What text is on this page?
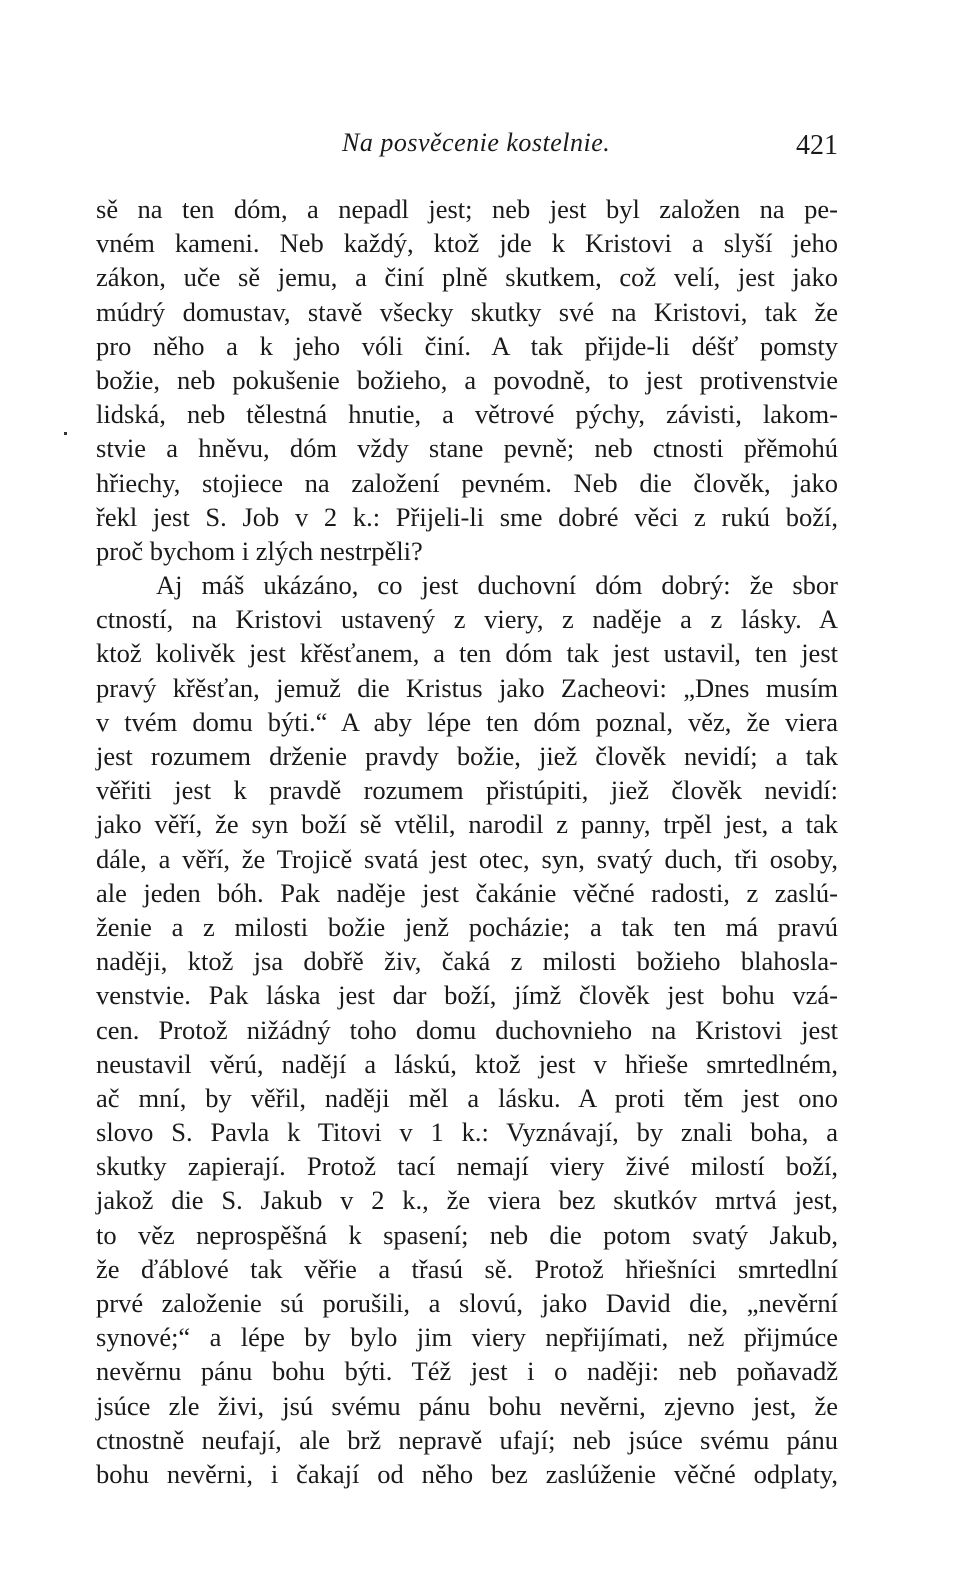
Na posvěcenie kostelnie.	421
sě na ten dóm, a nepadl jest; neb jest byl založen na pe-
vném kameni. Neb každý, ktož jde k Kristovi a slyší jeho
zákon, uče sě jemu, a činí plně skutkem, což velí, jest jako
múdrý domustav, stavě všecky skutky své na Kristovi, tak že
pro něho a k jeho vóli činí. A tak přijde-li déšť pomsty
božie, neb pokušenie božieho, a povodně, to jest protivenstvie
lidská, neb tělestná hnutie, a větrové pýchy, závisti, lakom-
stvie a hněvu, dóm vždy stane pevně; neb ctnosti přěmohú
hřiechy, stojiece na založení pevném. Neb die člověk, jako
řekl jest S. Job v 2 k.: Přijeli-li sme dobré věci z rukú boží,
proč bychom i zlých nestrpěli?
Aj máš ukázáno, co jest duchovní dóm dobrý: že sbor
ctností, na Kristovi ustavený z viery, z naděje a z lásky. A
ktož kolivěk jest křěsťanem, a ten dóm tak jest ustavil, ten jest
pravý křěsťan, jemuž die Kristus jako Zacheovi: „Dnes musím
v tvém domu býti.“ A aby lépe ten dóm poznal, věz, že viera
jest rozumem drženie pravdy božie, jiež člověk nevidí; a tak
věřiti jest k pravdě rozumem přistúpiti, jiež člověk nevidí:
jako věří, že syn boží sě vtělil, narodil z panny, trpěl jest, a tak
dále, a věří, že Trojicě svatá jest otec, syn, svatý duch, tři osoby,
ale jeden bóh. Pak naděje jest čakánie věčné radosti, z zaslú-
ženie a z milosti božie jenž pocházie; a tak ten má pravú
naději, ktož jsa dobřě živ, čaká z milosti božieho blahosla-
venstvie. Pak láska jest dar boží, jímž člověk jest bohu vzá-
cen. Protož nižádný toho domu duchovnieho na Kristovi jest
neustavil věrú, nadějí a láskú, ktož jest v hřieše smrtedlném,
ač mní, by věřil, naději měl a lásku. A proti těm jest ono
slovo S. Pavla k Titovi v 1 k.: Vyznávají, by znali boha, a
skutky zapierají. Protož tací nemají viery živé milostí boží,
jakož die S. Jakub v 2 k., že viera bez skutkóv mrtvá jest,
to věz neprospěšná k spasení; neb die potom svatý Jakub,
že ďáblové tak věřie a třasú sě. Protož hřiešníci smrtedlní
prvé založenie sú porušili, a slovú, jako David die, „nevěrní
synové;“ a lépe by bylo jim viery nepřijímati, než přijmúce
nevěrnu pánu bohu býti. Též jest i o naději: neb poňavadž
jsúce zle živi, jsú svému pánu bohu nevěrni, zjevno jest, že
ctnostně neufají, ale brž nepravě ufají; neb jsúce svému pánu
bohu nevěrni, i čakají od něho bez zaslúženie věčné odplaty,
